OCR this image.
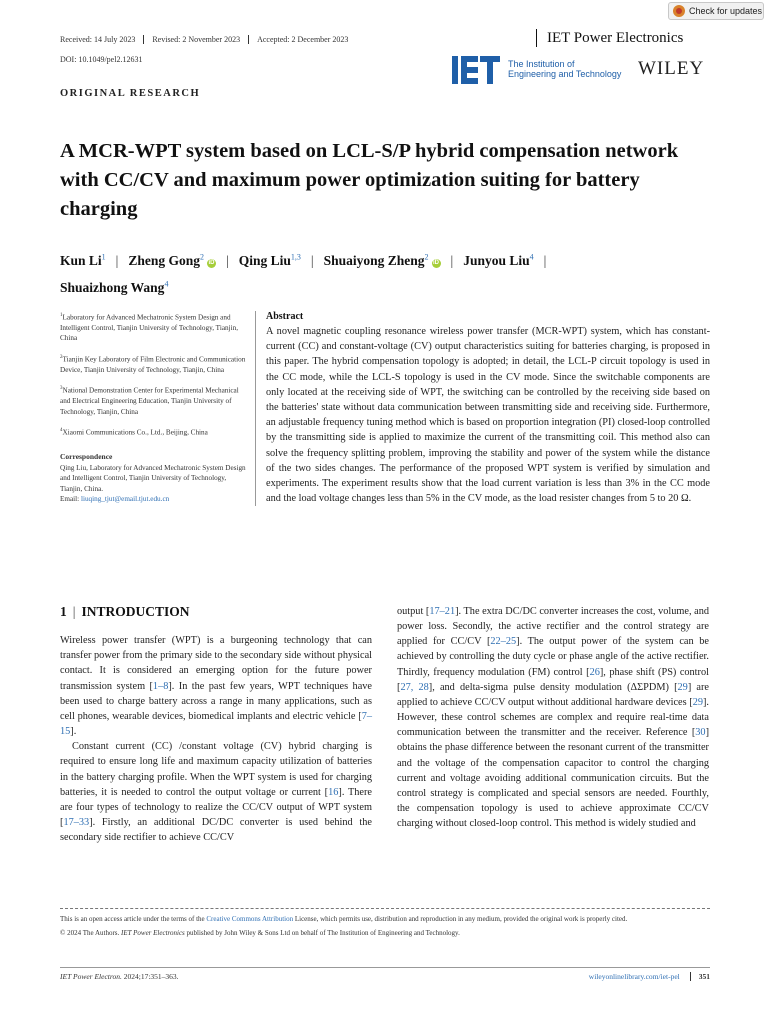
Check for updates
Received: 14 July 2023	Revised: 2 November 2023	Accepted: 2 December 2023
DOI: 10.1049/pel2.12631
IET Power Electronics
The Institution of
Engineering and Technology WILEY
ORIGINAL RESEARCH
A MCR-WPT system based on LCL-S/P hybrid compensation network with CC/CV and maximum power optimization suiting for battery charging
Kun Li$^1$ | Zheng Gong$^2$iD | Qing Liu$^{1,3}$ | Shuaiyong Zheng$^2$iD | Junyou Liu$^4$ |
Shuaizhong Wang$^4$
$^1$Laboratory for Advanced Mechatronic System Design and Intelligent Control, Tianjin University of Technology, Tianjin, China
$^2$Tianjin Key Laboratory of Film Electronic and Communication Device, Tianjin University of Technology, Tianjin, China
$^3$National Demonstration Center for Experimental Mechanical and Electrical Engineering Education, Tianjin University of Technology, Tianjin, China
$^4$Xiaomi Communications Co., Ltd., Beijing, China
Correspondence
Qing Liu, Laboratory for Advanced Mechatronic System Design and Intelligent Control, Tianjin University of Technology, Tianjin, China.
Email: liuqing_tjut@email.tjut.edu.cn
Abstract

A novel magnetic coupling resonance wireless power transfer (MCR-WPT) system, which has constant-current (CC) and constant-voltage (CV) output characteristics suiting for batteries charging, is proposed in this paper. The hybrid compensation topology is adopted; in detail, the LCL-P circuit topology is used in the CC mode, while the LCL-S topology is used in the CV mode. Since the switchable components are only located at the receiving side of WPT, the switching can be controlled by the receiving side based on the batteries' state without data communication between transmitting side and receiving side. Furthermore, an adjustable frequency tuning method which is based on proportion integration (PI) closed-loop controlled by the transmitting side is applied to maximize the current of the transmitting coil. This method also can solve the frequency splitting problem, improving the stability and power of the system while the distance of the two sides changes. The performance of the proposed WPT system is verified by simulation and experiments. The experiment results show that the load current variation is less than 3% in the CC mode and the load voltage changes less than 5% in the CV mode, as the load resister changes from 5 to 20 Ω.

1 | INTRODUCTION

Wireless power transfer (WPT) is a burgeoning technology that can transfer power from the primary side to the secondary side without physical contact. It is considered an emerging option for the future power transmission system [1–8]. In the past few years, WPT techniques have been used to charge battery across a range in many applications, such as cell phones, wearable devices, biomedical implants and electric vehicle [7–15].

Constant current (CC) /constant voltage (CV) hybrid charging is required to ensure long life and maximum capacity utilization of batteries in the battery charging profile. When the WPT system is used for charging batteries, it is needed to control the output voltage or current [16]. There are four types of technology to realize the CC/CV output of WPT system [17–33]. Firstly, an additional DC/DC converter is used behind the secondary side rectifier to achieve CC/CV

output [17–21]. The extra DC/DC converter increases the cost, volume, and power loss. Secondly, the active rectifier and the control strategy are applied for CC/CV [22–25]. The output power of the system can be achieved by controlling the duty cycle or phase angle of the active rectifier. Thirdly, frequency modulation (FM) control [26], phase shift (PS) control [27, 28], and delta-sigma pulse density modulation (ΔΣPDM) [29] are applied to achieve CC/CV output without additional hardware devices [29]. However, these control schemes are complex and require real-time data communication between the transmitter and the receiver. Reference [30] obtains the phase difference between the resonant current of the transmitter and the voltage of the compensation capacitor to control the charging current and voltage avoiding additional communication circuits. But the control strategy is complicated and special sensors are needed. Fourthly, the compensation topology is used to achieve approximate CC/CV charging without closed-loop control. This method is widely studied and

This is an open access article under the terms of the Creative Commons Attribution License, which permits use, distribution and reproduction in any medium, provided the original work is properly cited.
© 2024 The Authors. IET Power Electronics published by John Wiley & Sons Ltd on behalf of The Institution of Engineering and Technology.
IET Power Electron. 2024;17:351–363.	wileyonlinelibrary.com/iet-pel	351
